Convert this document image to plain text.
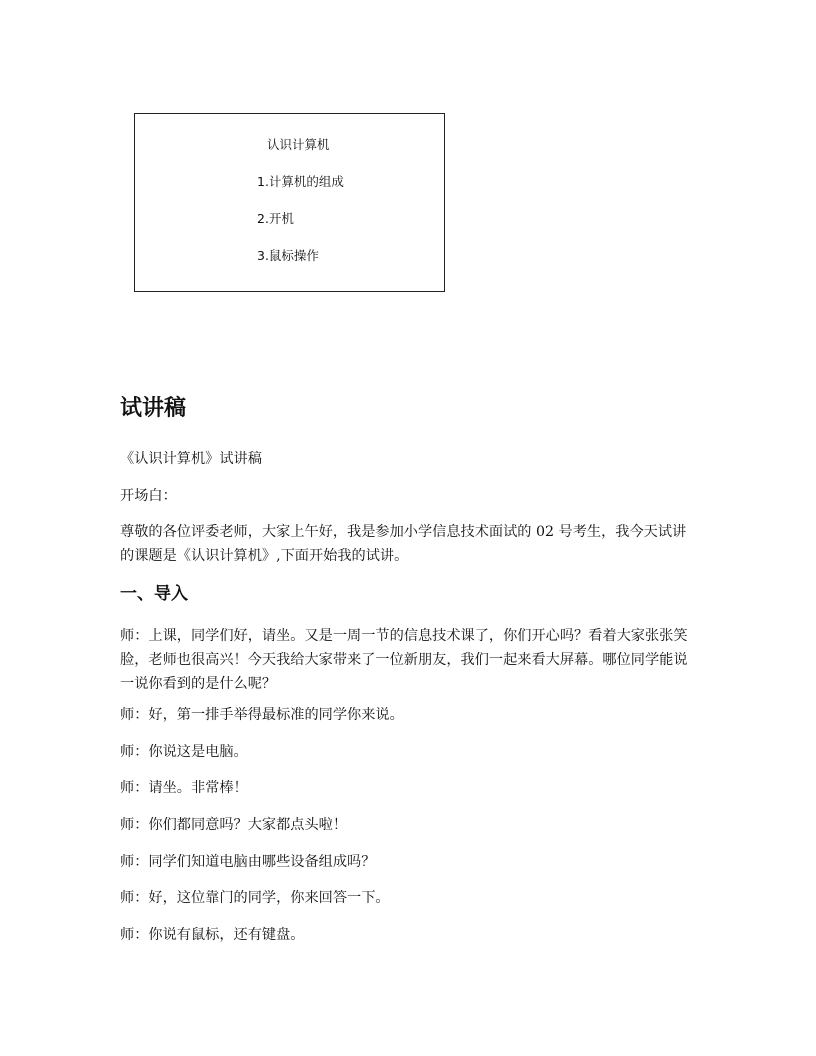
认识计算机
1.计算机的组成
2.开机
3.鼠标操作
试讲稿

《认识计算机》试讲稿

开场白：

尊敬的各位评委老师，大家上午好，我是参加小学信息技术面试的 02 号考生，我今天试讲的课题是《认识计算机》,下面开始我的试讲。

一、导入

师：上课，同学们好，请坐。又是一周一节的信息技术课了，你们开心吗？看着大家张张笑脸，老师也很高兴！今天我给大家带来了一位新朋友，我们一起来看大屏幕。哪位同学能说一说你看到的是什么呢？

师：好，第一排手举得最标准的同学你来说。

师：你说这是电脑。

师：请坐。非常棒！

师：你们都同意吗？大家都点头啦！

师：同学们知道电脑由哪些设备组成吗？

师：好，这位靠门的同学，你来回答一下。

师：你说有鼠标，还有键盘。
